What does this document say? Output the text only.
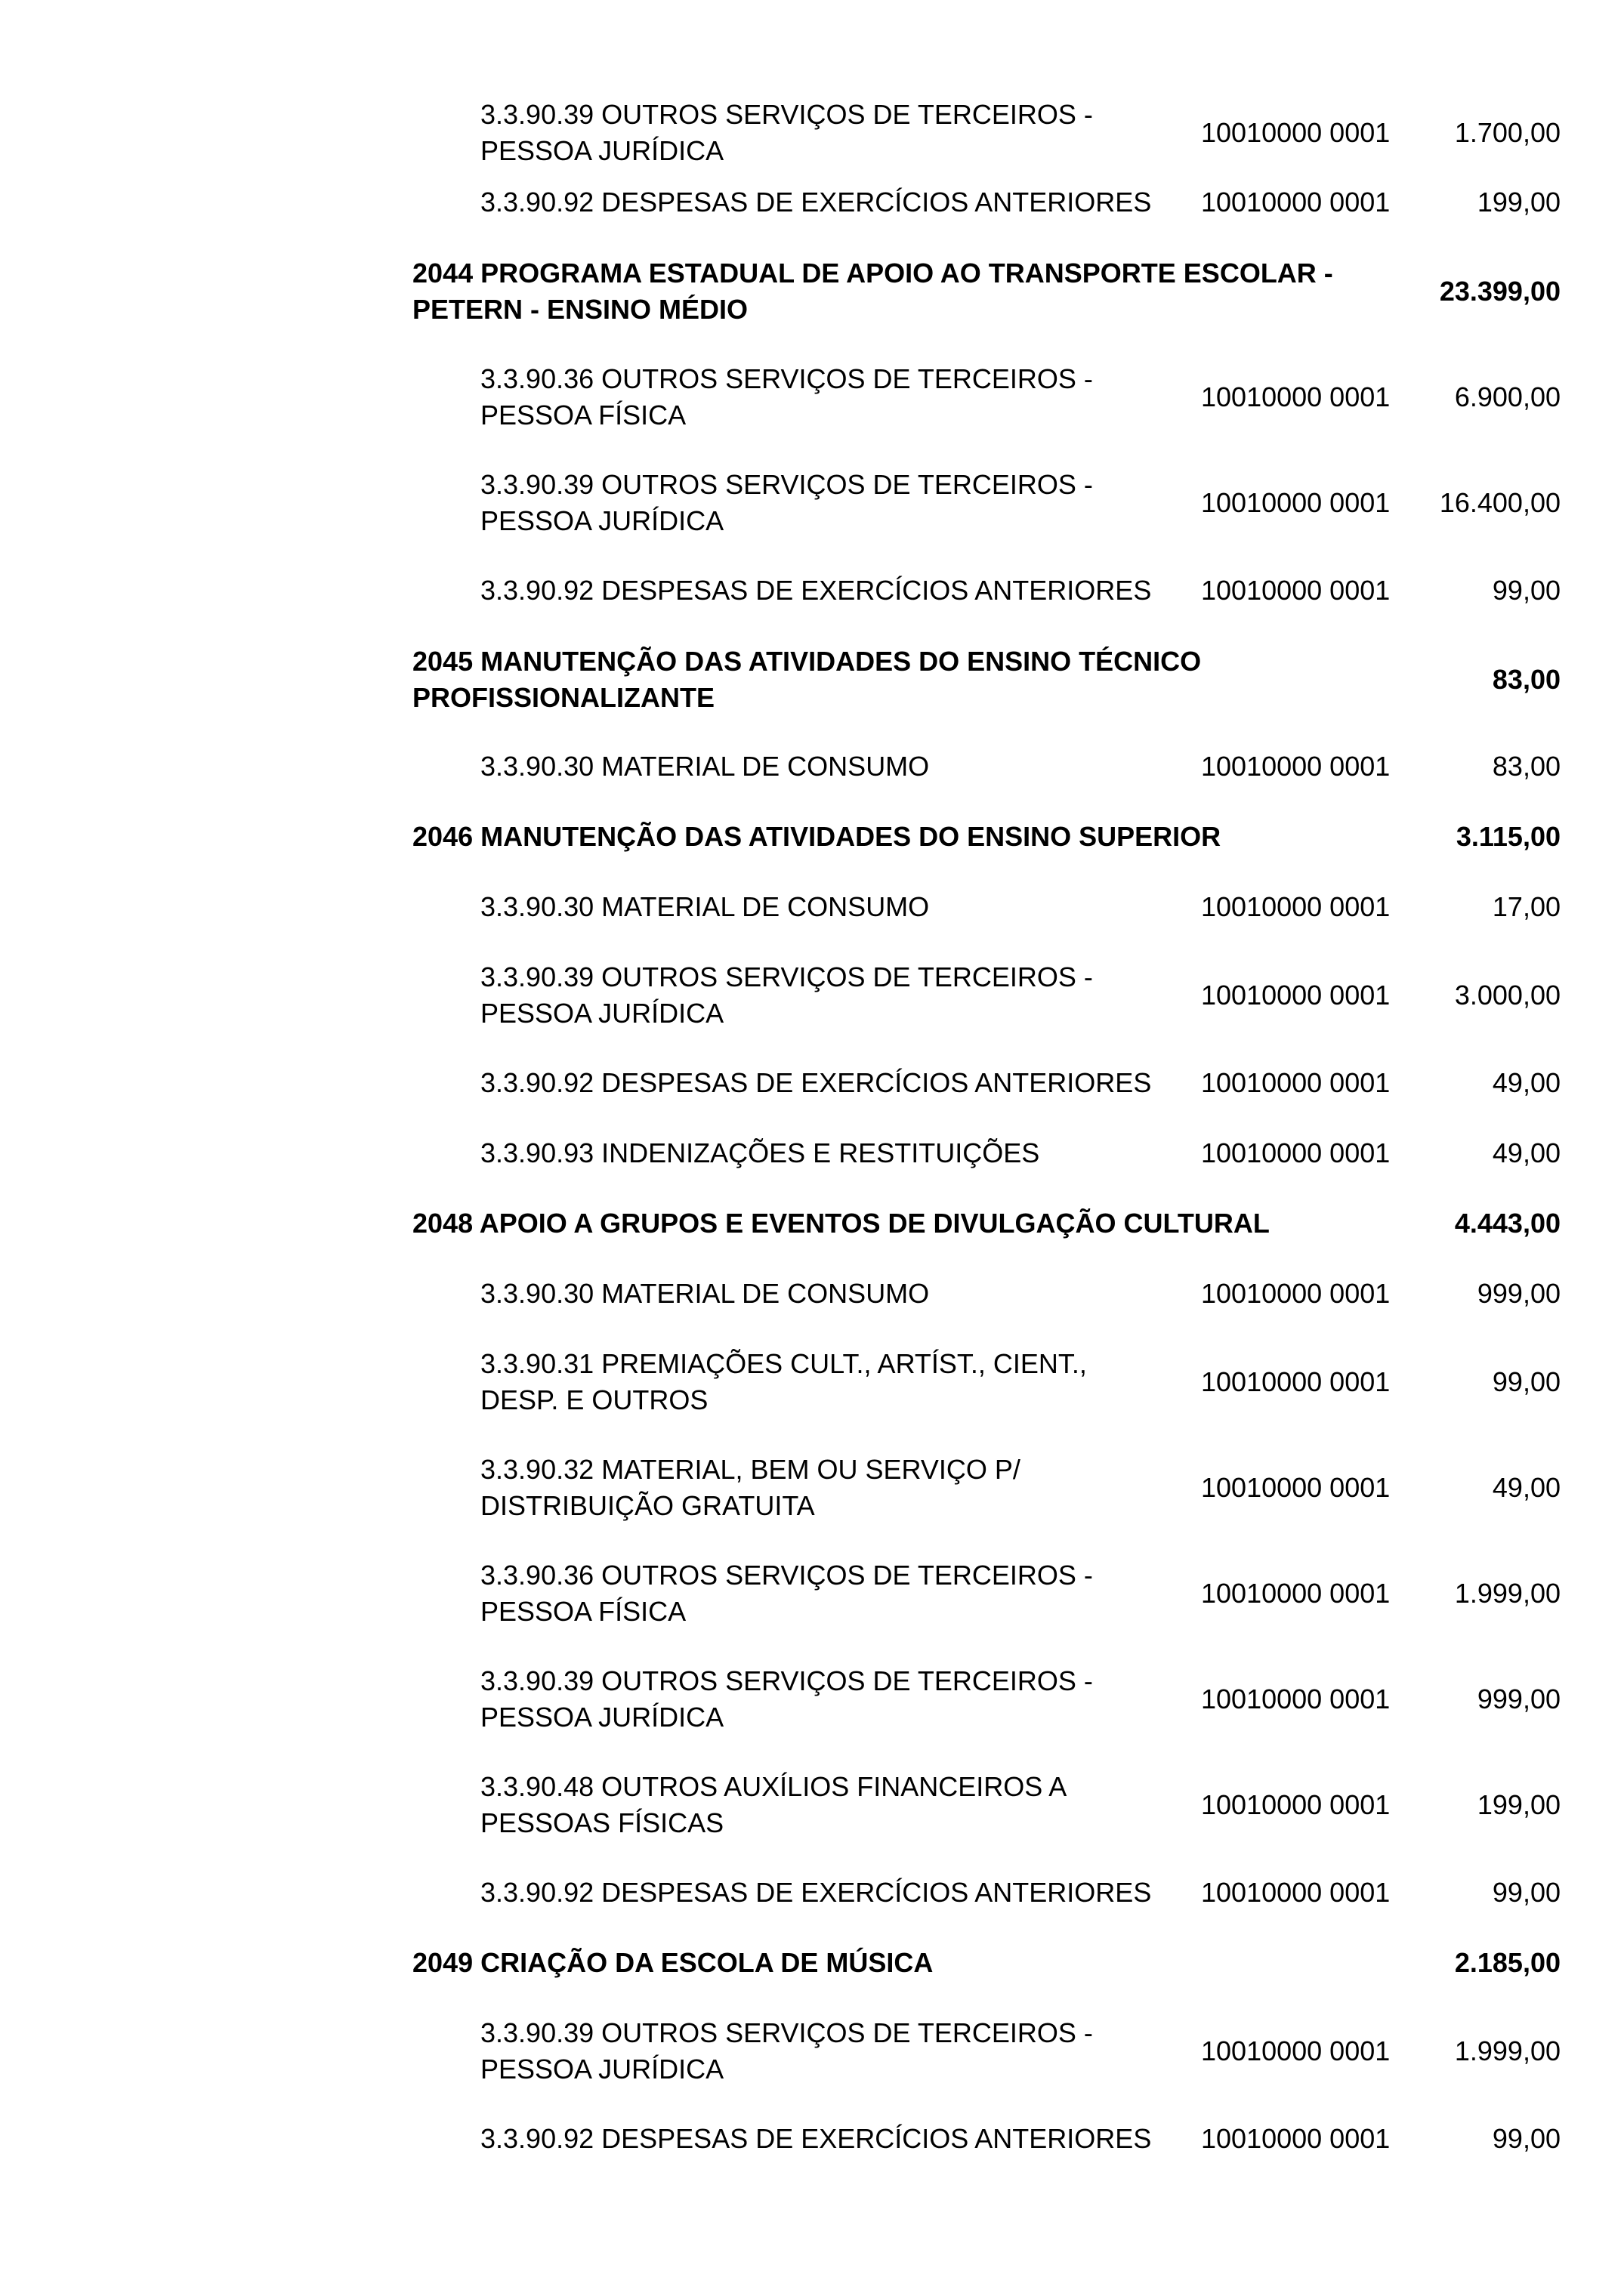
3.3.90.39 OUTROS SERVIÇOS DE TERCEIROS -
PESSOA JURÍDICA
10010000 0001	1.700,00
3.3.90.92 DESPESAS DE EXERCÍCIOS ANTERIORES	10010000 0001	199,00
2044 PROGRAMA ESTADUAL DE APOIO AO TRANSPORTE ESCOLAR -
PETERN - ENSINO MÉDIO
23.399,00
3.3.90.36 OUTROS SERVIÇOS DE TERCEIROS -
PESSOA FÍSICA
10010000 0001	6.900,00
3.3.90.39 OUTROS SERVIÇOS DE TERCEIROS -
PESSOA JURÍDICA
10010000 0001	16.400,00
3.3.90.92 DESPESAS DE EXERCÍCIOS ANTERIORES	10010000 0001	99,00
2045 MANUTENÇÃO DAS ATIVIDADES DO ENSINO TÉCNICO
PROFISSIONALIZANTE
83,00
3.3.90.30 MATERIAL DE CONSUMO	10010000 0001	83,00
2046 MANUTENÇÃO DAS ATIVIDADES DO ENSINO SUPERIOR	3.115,00
3.3.90.30 MATERIAL DE CONSUMO	10010000 0001	17,00
3.3.90.39 OUTROS SERVIÇOS DE TERCEIROS -
PESSOA JURÍDICA
10010000 0001	3.000,00
3.3.90.92 DESPESAS DE EXERCÍCIOS ANTERIORES	10010000 0001	49,00
3.3.90.93 INDENIZAÇÕES E RESTITUIÇÕES	10010000 0001	49,00
2048 APOIO A GRUPOS E EVENTOS DE DIVULGAÇÃO CULTURAL	4.443,00
3.3.90.30 MATERIAL DE CONSUMO	10010000 0001	999,00
3.3.90.31 PREMIAÇÕES CULT., ARTÍST., CIENT.,
DESP. E OUTROS
10010000 0001	99,00
3.3.90.32 MATERIAL, BEM OU SERVIÇO P/
DISTRIBUIÇÃO GRATUITA
10010000 0001	49,00
3.3.90.36 OUTROS SERVIÇOS DE TERCEIROS -
PESSOA FÍSICA
10010000 0001	1.999,00
3.3.90.39 OUTROS SERVIÇOS DE TERCEIROS -
PESSOA JURÍDICA
10010000 0001	999,00
3.3.90.48 OUTROS AUXÍLIOS FINANCEIROS A
PESSOAS FÍSICAS
10010000 0001	199,00
3.3.90.92 DESPESAS DE EXERCÍCIOS ANTERIORES	10010000 0001	99,00
2049 CRIAÇÃO DA ESCOLA DE MÚSICA	2.185,00
3.3.90.39 OUTROS SERVIÇOS DE TERCEIROS -
PESSOA JURÍDICA
10010000 0001	1.999,00
3.3.90.92 DESPESAS DE EXERCÍCIOS ANTERIORES	10010000 0001	99,00
